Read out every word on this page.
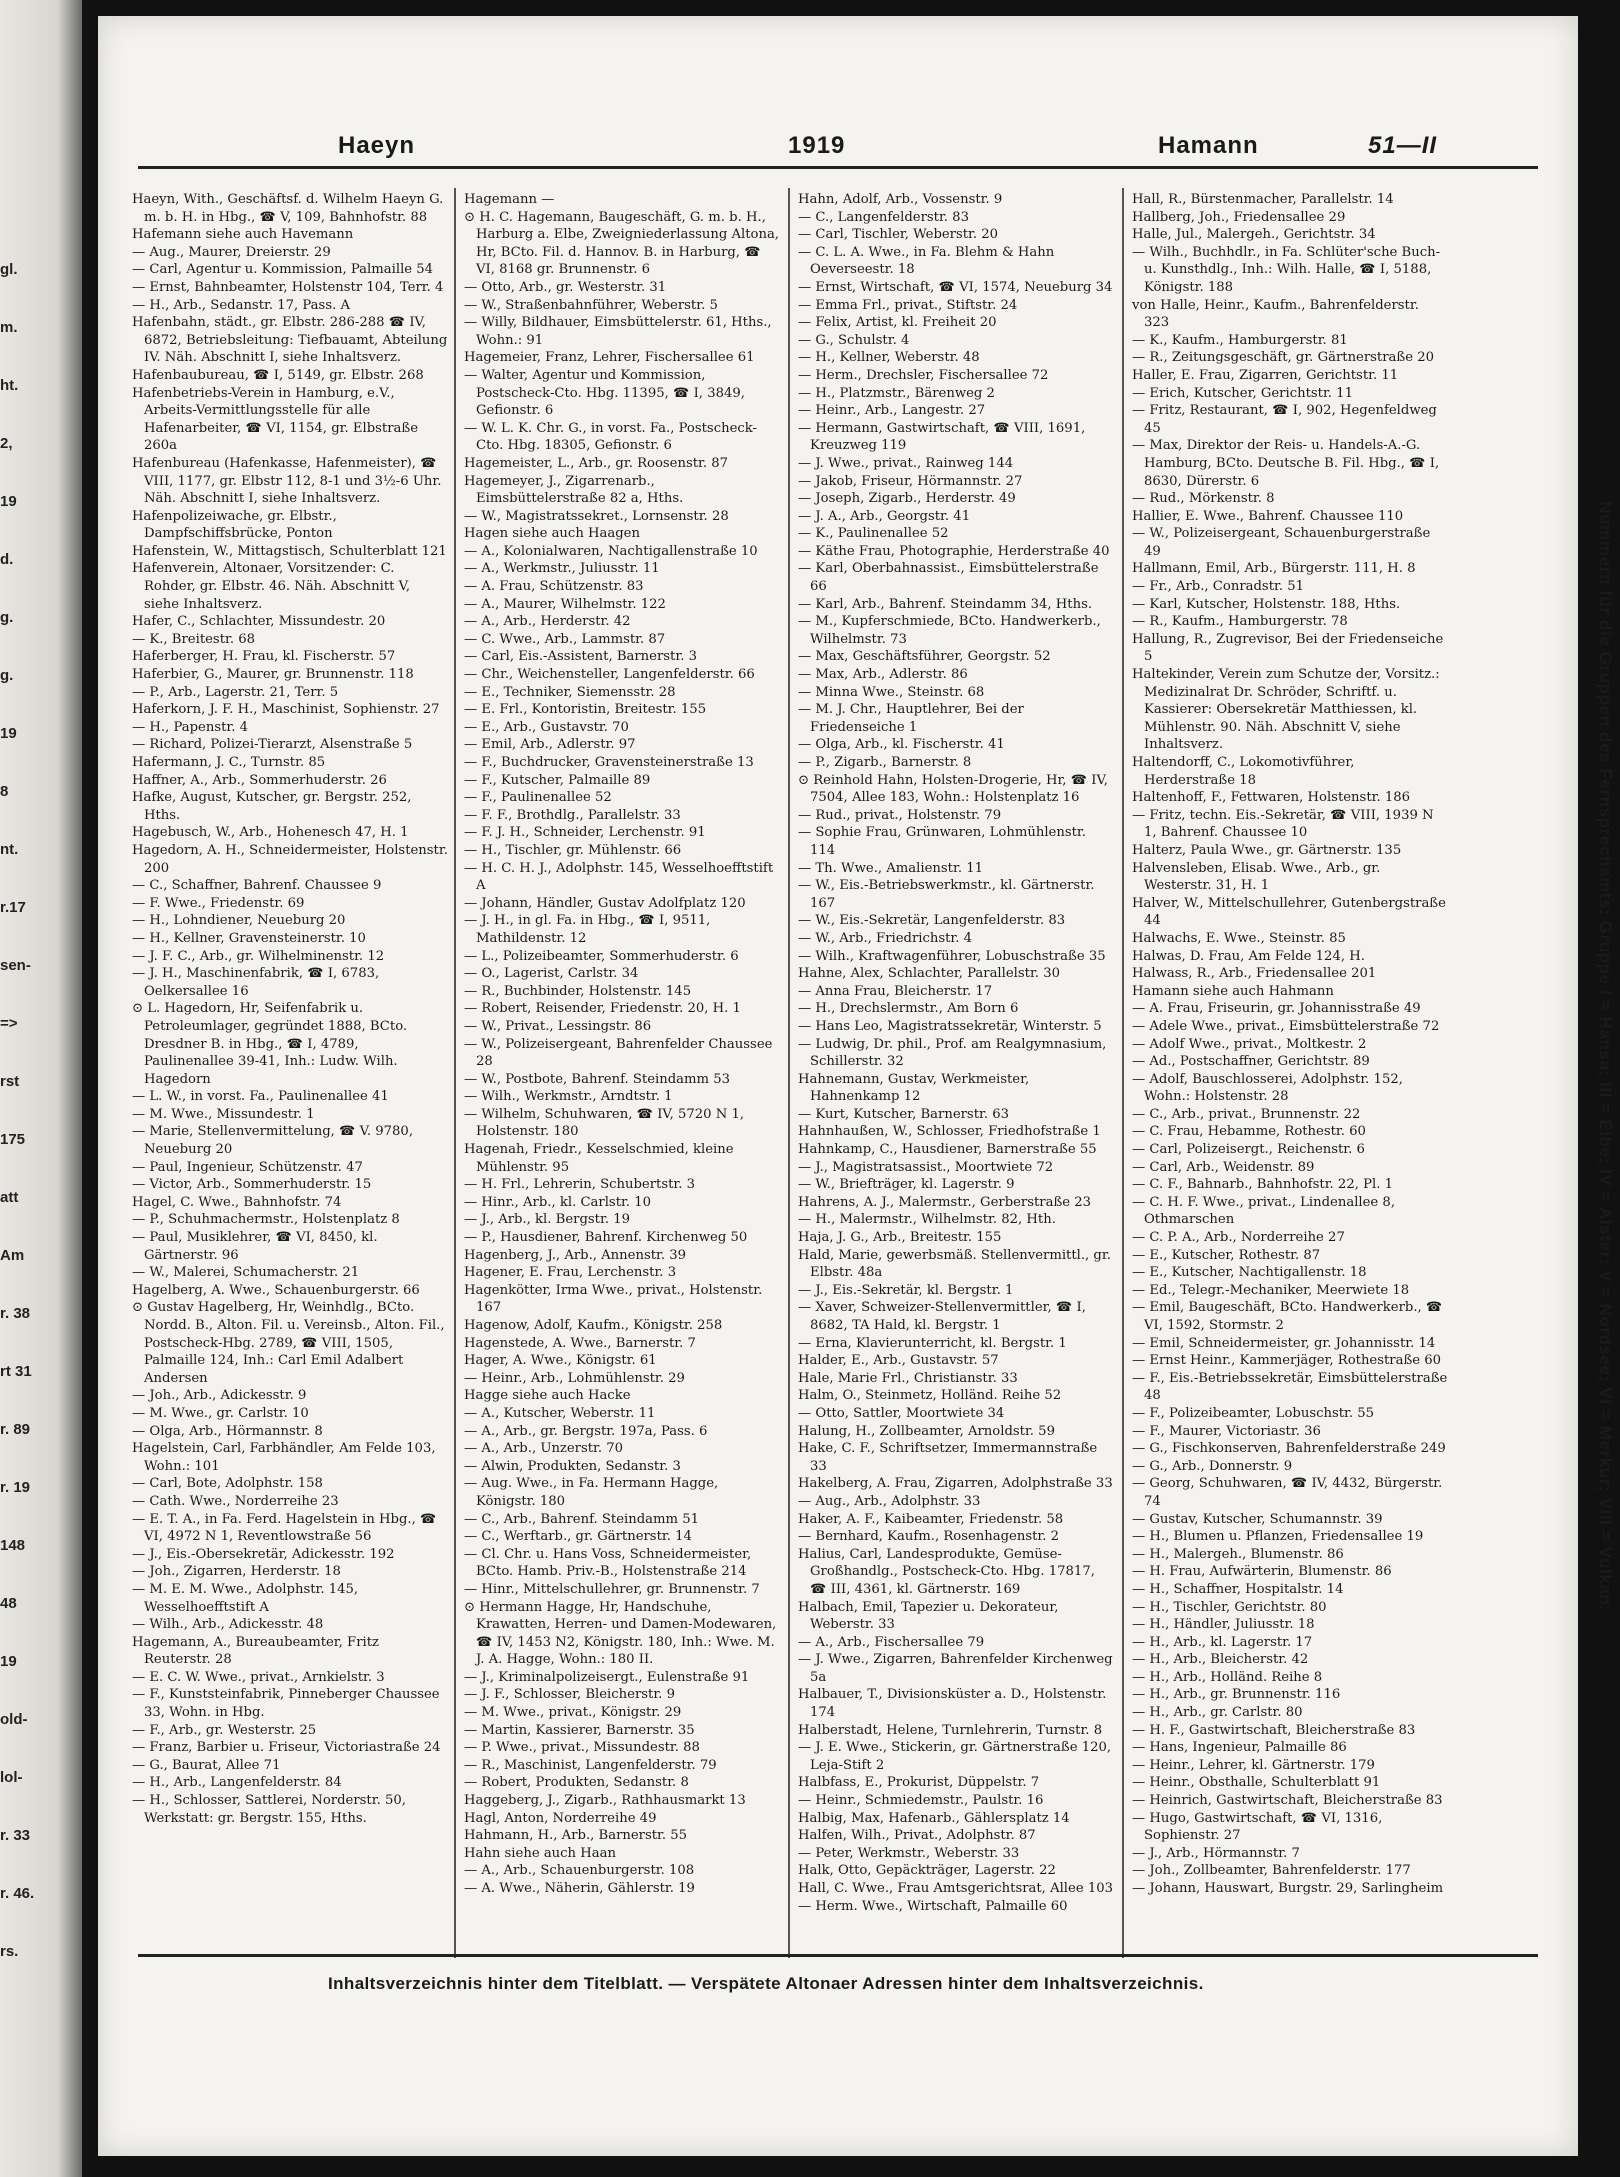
gl.
m.
ht.
2,
19
d.
g.
g.
19
8
nt.
r.17
sen-
=>
rst
175
att
Am
r. 38
rt 31
r. 89
r. 19
148
48
19
old-
lol-
r. 33
r. 46.
rs.
Haeyn	1919	Hamann	51—II

Haeyn, With., Geschäftsf. d. Wilhelm Haeyn G. m. b. H. in Hbg., ☎ V, 109, Bahnhofstr. 88

Hafemann siehe auch Havemann

— Aug., Maurer, Dreierstr. 29

— Carl, Agentur u. Kommission, Palmaille 54

— Ernst, Bahnbeamter, Holstenstr 104, Terr. 4

— H., Arb., Sedanstr. 17, Pass. A

Hafenbahn, städt., gr. Elbstr. 286-288 ☎ IV, 6872, Betriebsleitung: Tiefbauamt, Abteilung IV. Näh. Abschnitt I, siehe Inhaltsverz.

Hafenbaubureau, ☎ I, 5149, gr. Elbstr. 268

Hafenbetriebs-Verein in Hamburg, e.V., Arbeits-Vermittlungsstelle für alle Hafenarbeiter, ☎ VI, 1154, gr. Elbstraße 260a

Hafenbureau (Hafenkasse, Hafenmeister), ☎ VIII, 1177, gr. Elbstr 112, 8-1 und 3½-6 Uhr. Näh. Abschnitt I, siehe Inhaltsverz.

Hafenpolizeiwache, gr. Elbstr., Dampfschiffsbrücke, Ponton

Hafenstein, W., Mittagstisch, Schulterblatt 121

Hafenverein, Altonaer, Vorsitzender: C. Rohder, gr. Elbstr. 46. Näh. Abschnitt V, siehe Inhaltsverz.

Hafer, C., Schlachter, Missundestr. 20

— K., Breitestr. 68

Haferberger, H. Frau, kl. Fischerstr. 57

Haferbier, G., Maurer, gr. Brunnenstr. 118

— P., Arb., Lagerstr. 21, Terr. 5

Haferkorn, J. F. H., Maschinist, Sophienstr. 27

— H., Papenstr. 4

— Richard, Polizei-Tierarzt, Alsenstraße 5

Hafermann, J. C., Turnstr. 85

Haffner, A., Arb., Sommerhuderstr. 26

Hafke, August, Kutscher, gr. Bergstr. 252, Hths.

Hagebusch, W., Arb., Hohenesch 47, H. 1

Hagedorn, A. H., Schneidermeister, Holstenstr. 200

— C., Schaffner, Bahrenf. Chaussee 9

— F. Wwe., Friedenstr. 69

— H., Lohndiener, Neueburg 20

— H., Kellner, Gravensteinerstr. 10

— J. F. C., Arb., gr. Wilhelminenstr. 12

— J. H., Maschinenfabrik, ☎ I, 6783, Oelkersallee 16

⊙ L. Hagedorn, Hr, Seifenfabrik u. Petroleumlager, gegründet 1888, BCto. Dresdner B. in Hbg., ☎ I, 4789, Paulinenallee 39-41, Inh.: Ludw. Wilh. Hagedorn

— L. W., in vorst. Fa., Paulinenallee 41

— M. Wwe., Missundestr. 1

— Marie, Stellenvermittelung, ☎ V. 9780, Neueburg 20

— Paul, Ingenieur, Schützenstr. 47

— Victor, Arb., Sommerhuderstr. 15

Hagel, C. Wwe., Bahnhofstr. 74

— P., Schuhmachermstr., Holstenplatz 8

— Paul, Musiklehrer, ☎ VI, 8450, kl. Gärtnerstr. 96

— W., Malerei, Schumacherstr. 21

Hagelberg, A. Wwe., Schauenburgerstr. 66

⊙ Gustav Hagelberg, Hr, Weinhdlg., BCto. Nordd. B., Alton. Fil. u. Vereinsb., Alton. Fil., Postscheck-Hbg. 2789, ☎ VIII, 1505, Palmaille 124, Inh.: Carl Emil Adalbert Andersen

— Joh., Arb., Adickesstr. 9

— M. Wwe., gr. Carlstr. 10

— Olga, Arb., Hörmannstr. 8

Hagelstein, Carl, Farbhändler, Am Felde 103, Wohn.: 101

— Carl, Bote, Adolphstr. 158

— Cath. Wwe., Norderreihe 23

— E. T. A., in Fa. Ferd. Hagelstein in Hbg., ☎ VI, 4972 N 1, Reventlowstraße 56

— J., Eis.-Obersekretär, Adickesstr. 192

— Joh., Zigarren, Herderstr. 18

— M. E. M. Wwe., Adolphstr. 145, Wesselhoefftstift A

— Wilh., Arb., Adickesstr. 48

Hagemann, A., Bureaubeamter, Fritz Reuterstr. 28

— E. C. W. Wwe., privat., Arnkielstr. 3

— F., Kunststeinfabrik, Pinneberger Chaussee 33, Wohn. in Hbg.

— F., Arb., gr. Westerstr. 25

— Franz, Barbier u. Friseur, Victoriastraße 24

— G., Baurat, Allee 71

— H., Arb., Langenfelderstr. 84

— H., Schlosser, Sattlerei, Norderstr. 50, Werkstatt: gr. Bergstr. 155, Hths.

Hagemann —

⊙ H. C. Hagemann, Baugeschäft, G. m. b. H., Harburg a. Elbe, Zweigniederlassung Altona, Hr, BCto. Fil. d. Hannov. B. in Harburg, ☎ VI, 8168 gr. Brunnenstr. 6

— Otto, Arb., gr. Westerstr. 31

— W., Straßenbahnführer, Weberstr. 5

— Willy, Bildhauer, Eimsbüttelerstr. 61, Hths., Wohn.: 91

Hagemeier, Franz, Lehrer, Fischersallee 61

— Walter, Agentur und Kommission, Postscheck-Cto. Hbg. 11395, ☎ I, 3849, Gefionstr. 6

— W. L. K. Chr. G., in vorst. Fa., Postscheck-Cto. Hbg. 18305, Gefionstr. 6

Hagemeister, L., Arb., gr. Roosenstr. 87

Hagemeyer, J., Zigarrenarb., Eimsbüttelerstraße 82 a, Hths.

— W., Magistratssekret., Lornsenstr. 28

Hagen siehe auch Haagen

— A., Kolonialwaren, Nachtigallenstraße 10

— A., Werkmstr., Juliusstr. 11

— A. Frau, Schützenstr. 83

— A., Maurer, Wilhelmstr. 122

— A., Arb., Herderstr. 42

— C. Wwe., Arb., Lammstr. 87

— Carl, Eis.-Assistent, Barnerstr. 3

— Chr., Weichensteller, Langenfelderstr. 66

— E., Techniker, Siemensstr. 28

— E. Frl., Kontoristin, Breitestr. 155

— E., Arb., Gustavstr. 70

— Emil, Arb., Adlerstr. 97

— F., Buchdrucker, Gravensteinerstraße 13

— F., Kutscher, Palmaille 89

— F., Paulinenallee 52

— F. F., Brothdlg., Parallelstr. 33

— F. J. H., Schneider, Lerchenstr. 91

— H., Tischler, gr. Mühlenstr. 66

— H. C. H. J., Adolphstr. 145, Wesselhoefftstift A

— Johann, Händler, Gustav Adolfplatz 120

— J. H., in gl. Fa. in Hbg., ☎ I, 9511, Mathildenstr. 12

— L., Polizeibeamter, Sommerhuderstr. 6

— O., Lagerist, Carlstr. 34

— R., Buchbinder, Holstenstr. 145

— Robert, Reisender, Friedenstr. 20, H. 1

— W., Privat., Lessingstr. 86

— W., Polizeisergeant, Bahrenfelder Chaussee 28

— W., Postbote, Bahrenf. Steindamm 53

— Wilh., Werkmstr., Arndtstr. 1

— Wilhelm, Schuhwaren, ☎ IV, 5720 N 1, Holstenstr. 180

Hagenah, Friedr., Kesselschmied, kleine Mühlenstr. 95

— H. Frl., Lehrerin, Schubertstr. 3

— Hinr., Arb., kl. Carlstr. 10

— J., Arb., kl. Bergstr. 19

— P., Hausdiener, Bahrenf. Kirchenweg 50

Hagenberg, J., Arb., Annenstr. 39

Hagener, E. Frau, Lerchenstr. 3

Hagenkötter, Irma Wwe., privat., Holstenstr. 167

Hagenow, Adolf, Kaufm., Königstr. 258

Hagenstede, A. Wwe., Barnerstr. 7

Hager, A. Wwe., Königstr. 61

— Heinr., Arb., Lohmühlenstr. 29

Hagge siehe auch Hacke

— A., Kutscher, Weberstr. 11

— A., Arb., gr. Bergstr. 197a, Pass. 6

— A., Arb., Unzerstr. 70

— Alwin, Produkten, Sedanstr. 3

— Aug. Wwe., in Fa. Hermann Hagge, Königstr. 180

— C., Arb., Bahrenf. Steindamm 51

— C., Werftarb., gr. Gärtnerstr. 14

— Cl. Chr. u. Hans Voss, Schneidermeister, BCto. Hamb. Priv.-B., Holstenstraße 214

— Hinr., Mittelschullehrer, gr. Brunnenstr. 7

⊙ Hermann Hagge, Hr, Handschuhe, Krawatten, Herren- und Damen-Modewaren, ☎ IV, 1453 N2, Königstr. 180, Inh.: Wwe. M. J. A. Hagge, Wohn.: 180 II.

— J., Kriminalpolizeisergt., Eulenstraße 91

— J. F., Schlosser, Bleicherstr. 9

— M. Wwe., privat., Königstr. 29

— Martin, Kassierer, Barnerstr. 35

— P. Wwe., privat., Missundestr. 88

— R., Maschinist, Langenfelderstr. 79

— Robert, Produkten, Sedanstr. 8

Haggeberg, J., Zigarb., Rathhausmarkt 13

Hagl, Anton, Norderreihe 49

Hahmann, H., Arb., Barnerstr. 55

Hahn siehe auch Haan

— A., Arb., Schauenburgerstr. 108

— A. Wwe., Näherin, Gählerstr. 19

Hahn, Adolf, Arb., Vossenstr. 9

— C., Langenfelderstr. 83

— Carl, Tischler, Weberstr. 20

— C. L. A. Wwe., in Fa. Blehm & Hahn Oeverseestr. 18

— Ernst, Wirtschaft, ☎ VI, 1574, Neueburg 34

— Emma Frl., privat., Stiftstr. 24

— Felix, Artist, kl. Freiheit 20

— G., Schulstr. 4

— H., Kellner, Weberstr. 48

— Herm., Drechsler, Fischersallee 72

— H., Platzmstr., Bärenweg 2

— Heinr., Arb., Langestr. 27

— Hermann, Gastwirtschaft, ☎ VIII, 1691, Kreuzweg 119

— J. Wwe., privat., Rainweg 144

— Jakob, Friseur, Hörmannstr. 27

— Joseph, Zigarb., Herderstr. 49

— J. A., Arb., Georgstr. 41

— K., Paulinenallee 52

— Käthe Frau, Photographie, Herderstraße 40

— Karl, Oberbahnassist., Eimsbüttelerstraße 66

— Karl, Arb., Bahrenf. Steindamm 34, Hths.

— M., Kupferschmiede, BCto. Handwerkerb., Wilhelmstr. 73

— Max, Geschäftsführer, Georgstr. 52

— Max, Arb., Adlerstr. 86

— Minna Wwe., Steinstr. 68

— M. J. Chr., Hauptlehrer, Bei der Friedenseiche 1

— Olga, Arb., kl. Fischerstr. 41

— P., Zigarb., Barnerstr. 8

⊙ Reinhold Hahn, Holsten-Drogerie, Hr, ☎ IV, 7504, Allee 183, Wohn.: Holstenplatz 16

— Rud., privat., Holstenstr. 79

— Sophie Frau, Grünwaren, Lohmühlenstr. 114

— Th. Wwe., Amalienstr. 11

— W., Eis.-Betriebswerkmstr., kl. Gärtnerstr. 167

— W., Eis.-Sekretär, Langenfelderstr. 83

— W., Arb., Friedrichstr. 4

— Wilh., Kraftwagenführer, Lobuschstraße 35

Hahne, Alex, Schlachter, Parallelstr. 30

— Anna Frau, Bleicherstr. 17

— H., Drechslermstr., Am Born 6

— Hans Leo, Magistratssekretär, Winterstr. 5

— Ludwig, Dr. phil., Prof. am Realgymnasium, Schillerstr. 32

Hahnemann, Gustav, Werkmeister, Hahnenkamp 12

— Kurt, Kutscher, Barnerstr. 63

Hahnhaußen, W., Schlosser, Friedhofstraße 1

Hahnkamp, C., Hausdiener, Barnerstraße 55

— J., Magistratsassist., Moortwiete 72

— W., Briefträger, kl. Lagerstr. 9

Hahrens, A. J., Malermstr., Gerberstraße 23

— H., Malermstr., Wilhelmstr. 82, Hth.

Haja, J. G., Arb., Breitestr. 155

Hald, Marie, gewerbsmäß. Stellenvermittl., gr. Elbstr. 48a

— J., Eis.-Sekretär, kl. Bergstr. 1

— Xaver, Schweizer-Stellenvermittler, ☎ I, 8682, TA Hald, kl. Bergstr. 1

— Erna, Klavierunterricht, kl. Bergstr. 1

Halder, E., Arb., Gustavstr. 57

Hale, Marie Frl., Christianstr. 33

Halm, O., Steinmetz, Holländ. Reihe 52

— Otto, Sattler, Moortwiete 34

Halung, H., Zollbeamter, Arnoldstr. 59

Hake, C. F., Schriftsetzer, Immermannstraße 33

Hakelberg, A. Frau, Zigarren, Adolphstraße 33

— Aug., Arb., Adolphstr. 33

Haker, A. F., Kaibeamter, Friedenstr. 58

— Bernhard, Kaufm., Rosenhagenstr. 2

Halius, Carl, Landesprodukte, Gemüse-Großhandlg., Postscheck-Cto. Hbg. 17817, ☎ III, 4361, kl. Gärtnerstr. 169

Halbach, Emil, Tapezier u. Dekorateur, Weberstr. 33

— A., Arb., Fischersallee 79

— J. Wwe., Zigarren, Bahrenfelder Kirchenweg 5a

Halbauer, T., Divisionsküster a. D., Holstenstr. 174

Halberstadt, Helene, Turnlehrerin, Turnstr. 8

— J. E. Wwe., Stickerin, gr. Gärtnerstraße 120, Leja-Stift 2

Halbfass, E., Prokurist, Düppelstr. 7

— Heinr., Schmiedemstr., Paulstr. 16

Halbig, Max, Hafenarb., Gählersplatz 14

Halfen, Wilh., Privat., Adolphstr. 87

— Peter, Werkmstr., Weberstr. 33

Halk, Otto, Gepäckträger, Lagerstr. 22

Hall, C. Wwe., Frau Amtsgerichtsrat, Allee 103

— Herm. Wwe., Wirtschaft, Palmaille 60

Hall, R., Bürstenmacher, Parallelstr. 14

Hallberg, Joh., Friedensallee 29

Halle, Jul., Malergeh., Gerichtstr. 34

— Wilh., Buchhdlr., in Fa. Schlüter'sche Buch- u. Kunsthdlg., Inh.: Wilh. Halle, ☎ I, 5188, Königstr. 188

von Halle, Heinr., Kaufm., Bahrenfelderstr. 323

— K., Kaufm., Hamburgerstr. 81

— R., Zeitungsgeschäft, gr. Gärtnerstraße 20

Haller, E. Frau, Zigarren, Gerichtstr. 11

— Erich, Kutscher, Gerichtstr. 11

— Fritz, Restaurant, ☎ I, 902, Hegenfeldweg 45

— Max, Direktor der Reis- u. Handels-A.-G. Hamburg, BCto. Deutsche B. Fil. Hbg., ☎ I, 8630, Dürerstr. 6

— Rud., Mörkenstr. 8

Hallier, E. Wwe., Bahrenf. Chaussee 110

— W., Polizeisergeant, Schauenburgerstraße 49

Hallmann, Emil, Arb., Bürgerstr. 111, H. 8

— Fr., Arb., Conradstr. 51

— Karl, Kutscher, Holstenstr. 188, Hths.

— R., Kaufm., Hamburgerstr. 78

Hallung, R., Zugrevisor, Bei der Friedenseiche 5

Haltekinder, Verein zum Schutze der, Vorsitz.: Medizinalrat Dr. Schröder, Schriftf. u. Kassierer: Obersekretär Matthiessen, kl. Mühlenstr. 90. Näh. Abschnitt V, siehe Inhaltsverz.

Haltendorff, C., Lokomotivführer, Herderstraße 18

Haltenhoff, F., Fettwaren, Holstenstr. 186

— Fritz, techn. Eis.-Sekretär, ☎ VIII, 1939 N 1, Bahrenf. Chaussee 10

Halterz, Paula Wwe., gr. Gärtnerstr. 135

Halvensleben, Elisab. Wwe., Arb., gr. Westerstr. 31, H. 1

Halver, W., Mittelschullehrer, Gutenbergstraße 44

Halwachs, E. Wwe., Steinstr. 85

Halwas, D. Frau, Am Felde 124, H.

Halwass, R., Arb., Friedensallee 201

Hamann siehe auch Hahmann

— A. Frau, Friseurin, gr. Johannisstraße 49

— Adele Wwe., privat., Eimsbüttelerstraße 72

— Adolf Wwe., privat., Moltkestr. 2

— Ad., Postschaffner, Gerichtstr. 89

— Adolf, Bauschlosserei, Adolphstr. 152, Wohn.: Holstenstr. 28

— C., Arb., privat., Brunnenstr. 22

— C. Frau, Hebamme, Rothestr. 60

— Carl, Polizeisergt., Reichenstr. 6

— Carl, Arb., Weidenstr. 89

— C. F., Bahnarb., Bahnhofstr. 22, Pl. 1

— C. H. F. Wwe., privat., Lindenallee 8, Othmarschen

— C. P. A., Arb., Norderreihe 27

— E., Kutscher, Rothestr. 87

— E., Kutscher, Nachtigallenstr. 18

— Ed., Telegr.-Mechaniker, Meerwiete 18

— Emil, Baugeschäft, BCto. Handwerkerb., ☎ VI, 1592, Stormstr. 2

— Emil, Schneidermeister, gr. Johannisstr. 14

— Ernst Heinr., Kammerjäger, Rothestraße 60

— F., Eis.-Betriebssekretär, Eimsbüttelerstraße 48

— F., Polizeibeamter, Lobuschstr. 55

— F., Maurer, Victoriastr. 36

— G., Fischkonserven, Bahrenfelderstraße 249

— G., Arb., Donnerstr. 9

— Georg, Schuhwaren, ☎ IV, 4432, Bürgerstr. 74

— Gustav, Kutscher, Schumannstr. 39

— H., Blumen u. Pflanzen, Friedensallee 19

— H., Malergeh., Blumenstr. 86

— H. Frau, Aufwärterin, Blumenstr. 86

— H., Schaffner, Hospitalstr. 14

— H., Tischler, Gerichtstr. 80

— H., Händler, Juliusstr. 18

— H., Arb., kl. Lagerstr. 17

— H., Arb., Bleicherstr. 42

— H., Arb., Holländ. Reihe 8

— H., Arb., gr. Brunnenstr. 116

— H., Arb., gr. Carlstr. 80

— H. F., Gastwirtschaft, Bleicherstraße 83

— Hans, Ingenieur, Palmaille 86

— Heinr., Lehrer, kl. Gärtnerstr. 179

— Heinr., Obsthalle, Schulterblatt 91

— Heinrich, Gastwirtschaft, Bleicherstraße 83

— Hugo, Gastwirtschaft, ☎ VI, 1316, Sophienstr. 27

— J., Arb., Hörmannstr. 7

— Joh., Zollbeamter, Bahrenfelderstr. 177

— Johann, Hauswart, Burgstr. 29, Sarlingheim

Nummern für die Gruppen des Fernsprechamts: Gruppe I = Hansa; III = Elbe; IV = Alster; V = Nordsee; VI = Merkur; VIII = Vulkan.
Inhaltsverzeichnis hinter dem Titelblatt. — Verspätete Altonaer Adressen hinter dem Inhaltsverzeichnis.
